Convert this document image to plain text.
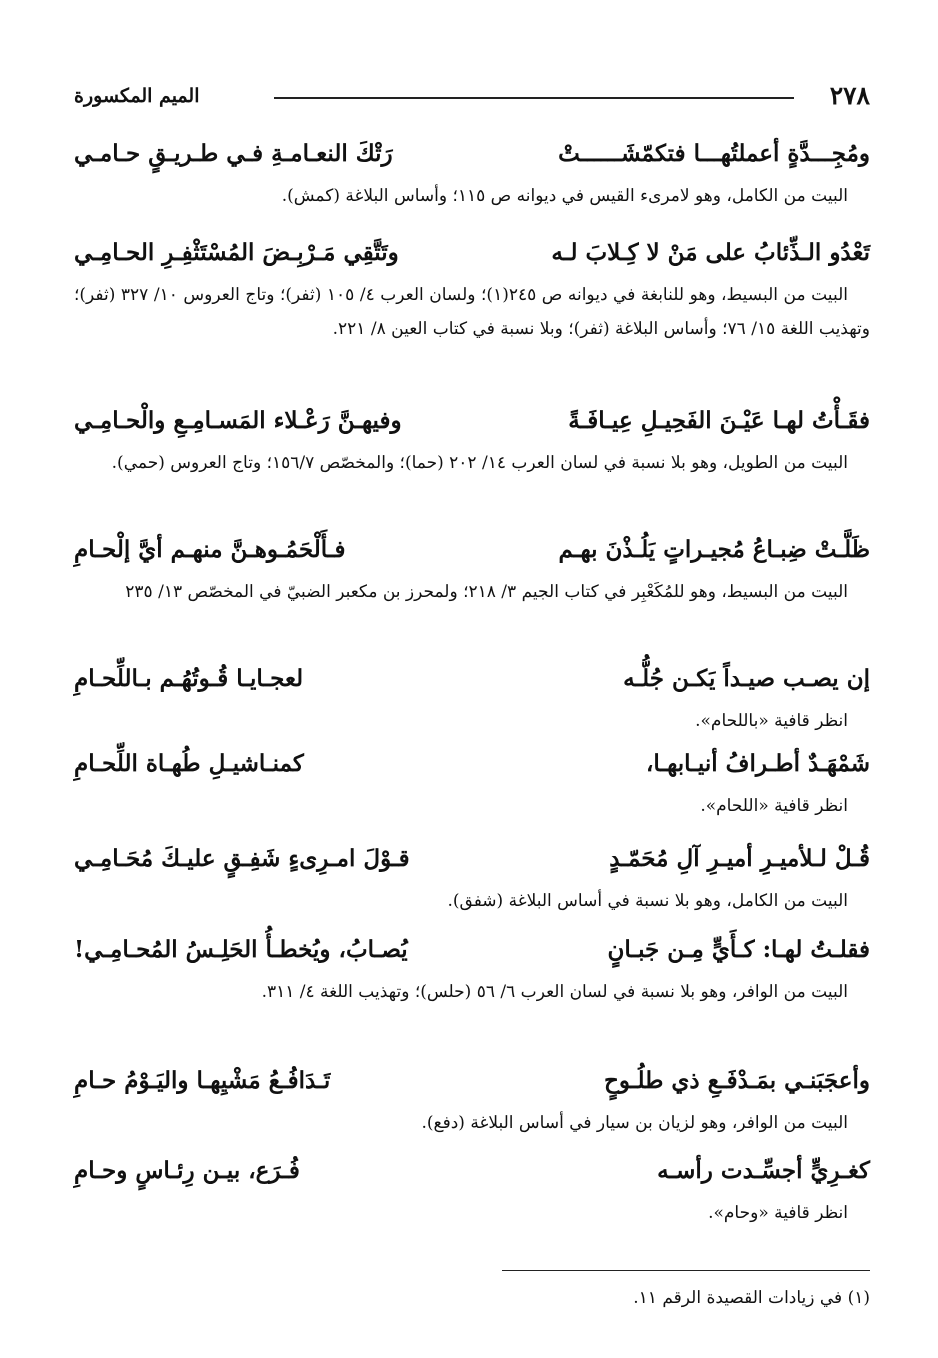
٢٧٨
الميم المكسورة
ومُجِـــدَّةٍ أعملتُهـــا فتكمّشَــــــتْ
رَتْكَ النعـامـةِ فـي طـريـقٍ حـامـي
البيت من الكامل، وهو لامرىء القيس في ديوانه ص ١١٥؛ وأساس البلاغة (كمش).
تَعْدُو الـذِّئابُ على مَنْ لا كِـلابَ لـه
وتَتَّقِي مَـرْبِـضَ المُسْتَثْفِـرِ الحـامِـي
البيت من البسيط، وهو للنابغة في ديوانه ص ٢٤٥(١)؛ ولسان العرب ٤/ ١٠٥ (ثفر)؛ وتاج العروس ١٠/ ٣٢٧ (ثفر)؛ وتهذيب اللغة ١٥/ ٧٦؛ وأساس البلاغة (ثفر)؛ وبلا نسبة في كتاب العين ٨/ ٢٢١.
فقَـأْتُ لهـا عَيْـنَ الفَحِيـلِ عِيـافَـةً
وفيهـنَّ رَعْـلاء المَسـامِـعِ والْحـامِـي
البيت من الطويل، وهو بلا نسبة في لسان العرب ١٤/ ٢٠٢ (حما)؛ والمخصّص ١٥٦/٧؛ وتاج العروس (حمي).
ظَلَّـتْ ضِبـاعُ مُجيـراتٍ يَلُـذْنَ بهـم
فـأَلْحَمُـوهـنَّ منهـم أيَّ إلْحـامِ
البيت من البسيط، وهو للمُكَعْبِر في كتاب الجيم ٣/ ٢١٨؛ ولمحرز بن مكعبر الضبيّ في المخصّص ١٣/ ٢٣٥
إن يصـب صيـداً يَكـن جُلُّـه
لعجـايـا قُـوتُهُـم بـاللِّحـامِ
انظر قافية «باللحام».
شَمْهَـدٌ أطـرافُ أنيـابهـا،
كمنـاشيـلِ طُهـاة اللِّحـامِ
انظر قافية «اللحام».
قُـلْ لـلأميـرِ أميـرِ آلِ مُحَمّـدٍ
قـوْلَ امـرِىءٍ شَفِـقٍ عليـكَ مُحَـامِـي
البيت من الكامل، وهو بلا نسبة في أساس البلاغة (شفق).
فقلـتُ لهـا: كـأَيٍّ مِـن جَبـانٍ
يُصـابُ، ويُخطـأُ الحَلِـسُ المُحـامِـي!
البيت من الوافر، وهو بلا نسبة في لسان العرب ٦/ ٥٦ (حلس)؛ وتهذيب اللغة ٤/ ٣١١.
وأعجَبَنـي بمَـدْفَـعِ ذي طلُـوحٍ
تَـدَافُـعُ مَشْيِهـا واليَـوْمُ حـامِ
البيت من الوافر، وهو لزيان بن سيار في أساس البلاغة (دفع).
كغـرِيٍّ أجسِّـدت رأسـه
فُـرَع، بيـن رِئـاسٍ وحـامِ
انظر قافية «وحام».
(١) في زيادات القصيدة الرقم ١١.
